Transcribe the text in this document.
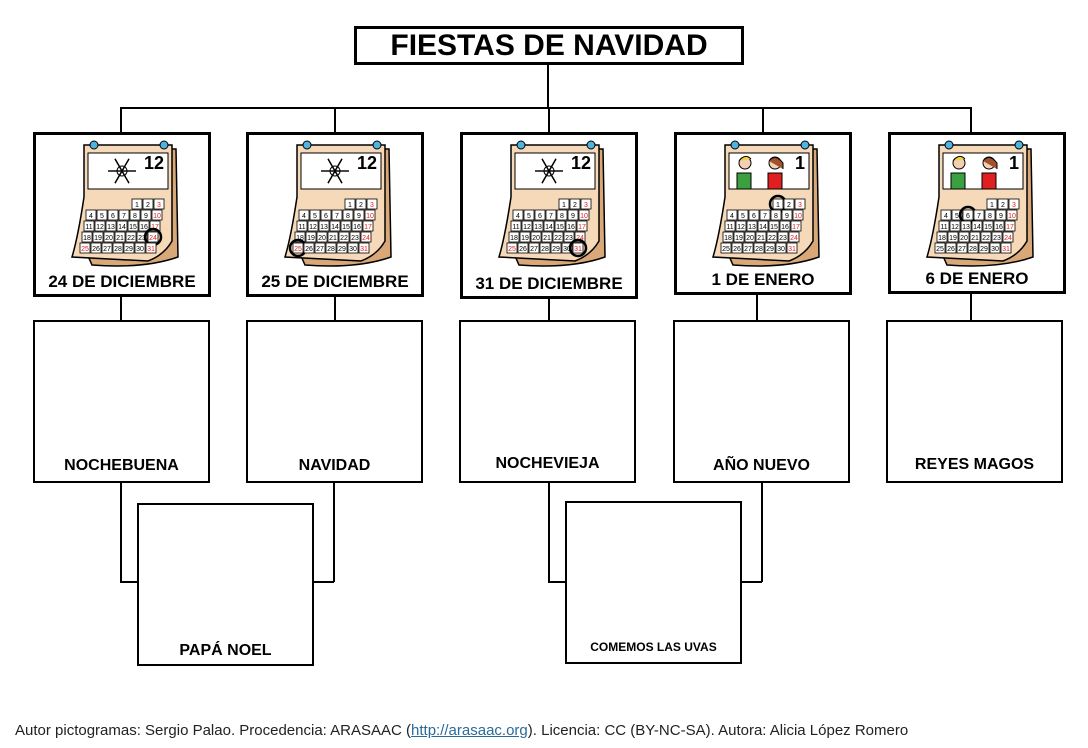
FIESTAS DE NAVIDAD
12
1 2 3
4 5 6 7 8 9 10
11 12 13 14 15 16 17
18 19 20 21 22 23 24
25 26 27 28 29 30 31
24 DE DICIEMBRE
12
1 2 3
4 5 6 7 8 9 10
11 12 13 14 15 16 17
18 19 20 21 22 23 24
25 26 27 28 29 30 31
25 DE DICIEMBRE
12
1 2 3
4 5 6 7 8 9 10
11 12 13 14 15 16 17
18 19 20 21 22 23 24
25 26 27 28 29 30 31
31 DE DICIEMBRE
1
1 2 3
4 5 6 7 8 9 10
11 12 13 14 15 16 17
18 19 20 21 22 23 24
25 26 27 28 29 30 31
1 DE ENERO
1
1 2 3
4 5 6 7 8 9 10
11 12 13 14 15 16 17
18 19 20 21 22 23 24
25 26 27 28 29 30 31
6 DE ENERO
NOCHEBUENA	NAVIDAD	NOCHEVIEJA	AÑO NUEVO	REYES MAGOS
PAPÁ NOEL	COMEMOS LAS UVAS
Autor pictogramas: Sergio Palao. Procedencia: ARASAAC (http://arasaac.org). Licencia: CC (BY-NC-SA). Autora: Alicia López Romero
